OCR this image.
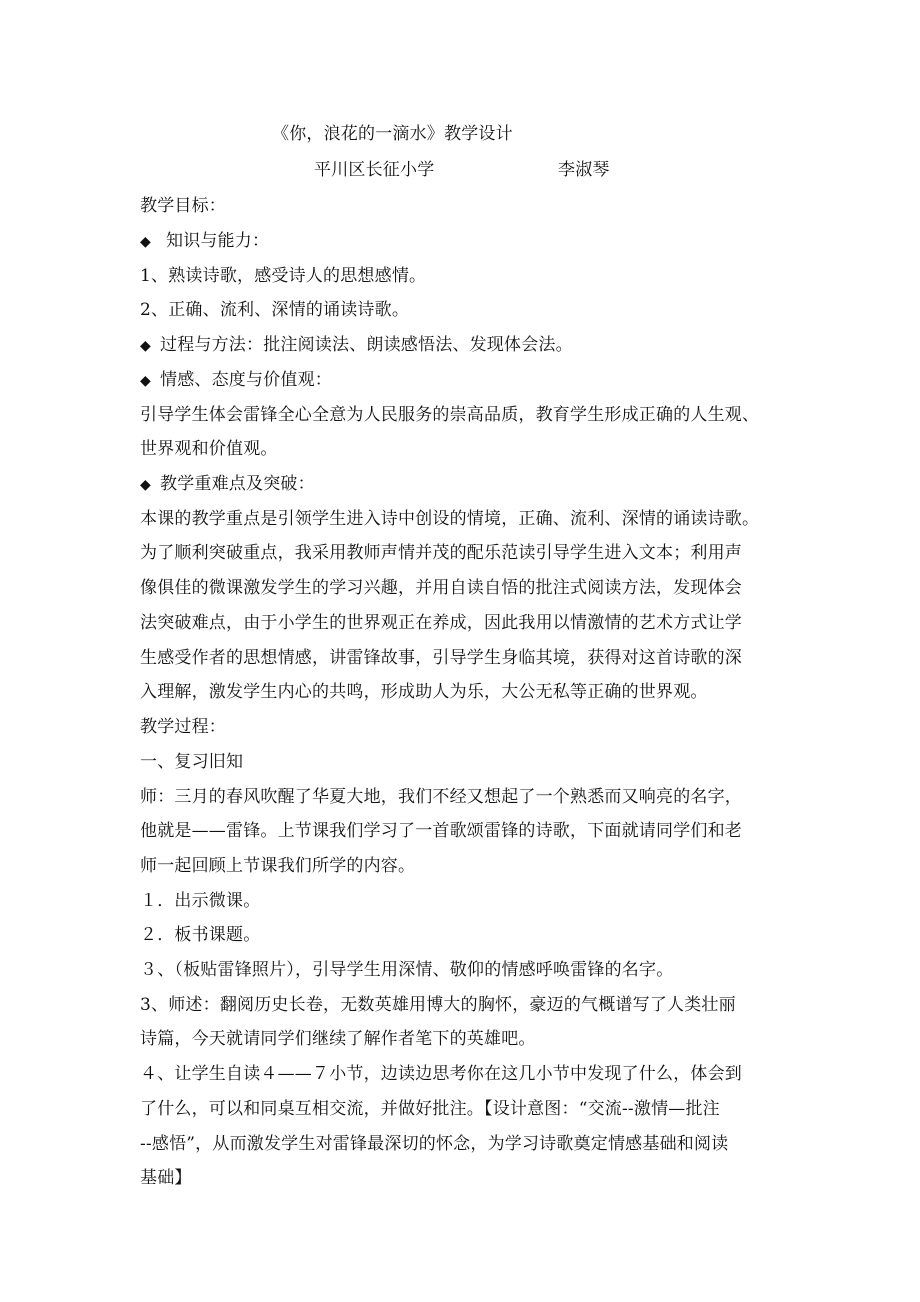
《你，浪花的一滴水》教学设计
平川区长征小学	李淑琴
教学目标：
◆ 知识与能力：
1、熟读诗歌，感受诗人的思想感情。
2、正确、流利、深情的诵读诗歌。
◆ 过程与方法：批注阅读法、朗读感悟法、发现体会法。
◆ 情感、态度与价值观：
引导学生体会雷锋全心全意为人民服务的崇高品质，教育学生形成正确的人生观、
世界观和价值观。
◆ 教学重难点及突破：
本课的教学重点是引领学生进入诗中创设的情境，正确、流利、深情的诵读诗歌。
为了顺利突破重点，我采用教师声情并茂的配乐范读引导学生进入文本；利用声
像俱佳的微课激发学生的学习兴趣，并用自读自悟的批注式阅读方法，发现体会
法突破难点，由于小学生的世界观正在养成，因此我用以情激情的艺术方式让学
生感受作者的思想情感，讲雷锋故事，引导学生身临其境，获得对这首诗歌的深
入理解，激发学生内心的共鸣，形成助人为乐，大公无私等正确的世界观。
教学过程：
一、复习旧知
师：三月的春风吹醒了华夏大地，我们不经又想起了一个熟悉而又响亮的名字，
他就是——雷锋。上节课我们学习了一首歌颂雷锋的诗歌，下面就请同学们和老
师一起回顾上节课我们所学的内容。
１．出示微课。
２．板书课题。
３、（板贴雷锋照片），引导学生用深情、敬仰的情感呼唤雷锋的名字。
3、师述：翻阅历史长卷，无数英雄用博大的胸怀，豪迈的气概谱写了人类壮丽
诗篇，今天就请同学们继续了解作者笔下的英雄吧。
４、让学生自读４——７小节，边读边思考你在这几小节中发现了什么，体会到
了什么，可以和同桌互相交流，并做好批注。【设计意图：“交流--激情—批注
--感悟”，从而激发学生对雷锋最深切的怀念，为学习诗歌奠定情感基础和阅读
基础】
